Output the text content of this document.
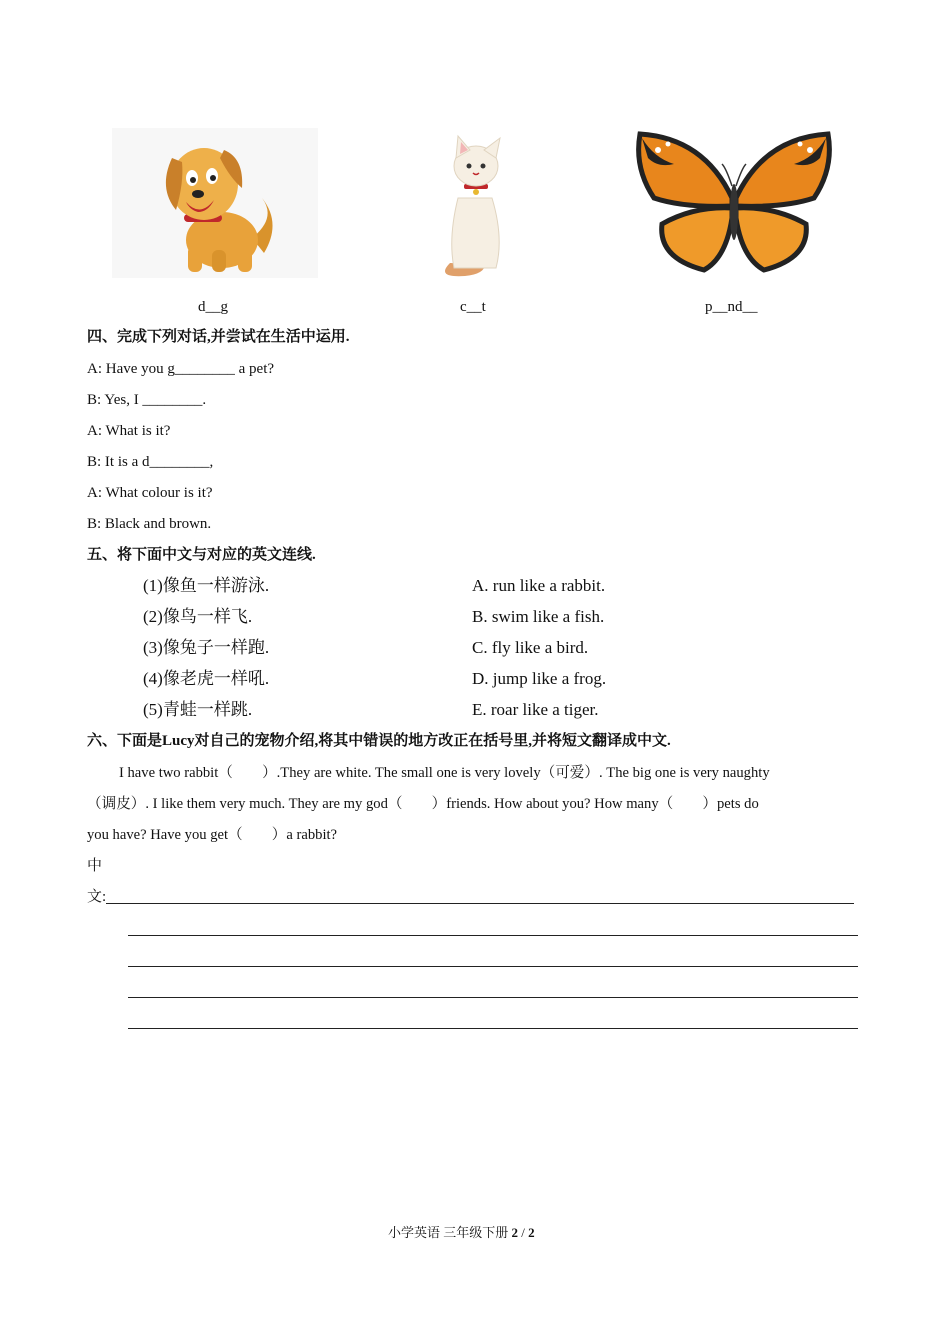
d__g	c__t	p__nd__
四、完成下列对话,并尝试在生活中运用.
A: Have you g________ a pet?
B: Yes, I ________.
A: What is it?
B: It is a d________,
A: What colour is it?
B: Black and brown.
五、将下面中文与对应的英文连线.
(1)像鱼一样游泳.
(2)像鸟一样飞.
(3)像兔子一样跑.
(4)像老虎一样吼.
(5)青蛙一样跳.
A. run like a rabbit.
B. swim like a fish.
C. fly like a bird.
D. jump like a frog.
E. roar like a tiger.
六、下面是Lucy对自己的宠物介绍,将其中错误的地方改正在括号里,并将短文翻译成中文.
I have two rabbit（　　）.They are white. The small one is very lovely（可爱）. The big one is very naughty
（调皮）. I like them very much. They are my god（　　）friends. How about you? How many（　　）pets do
you have? Have you get（　　）a rabbit?
中
文:
小学英语 三年级下册 2 / 2
